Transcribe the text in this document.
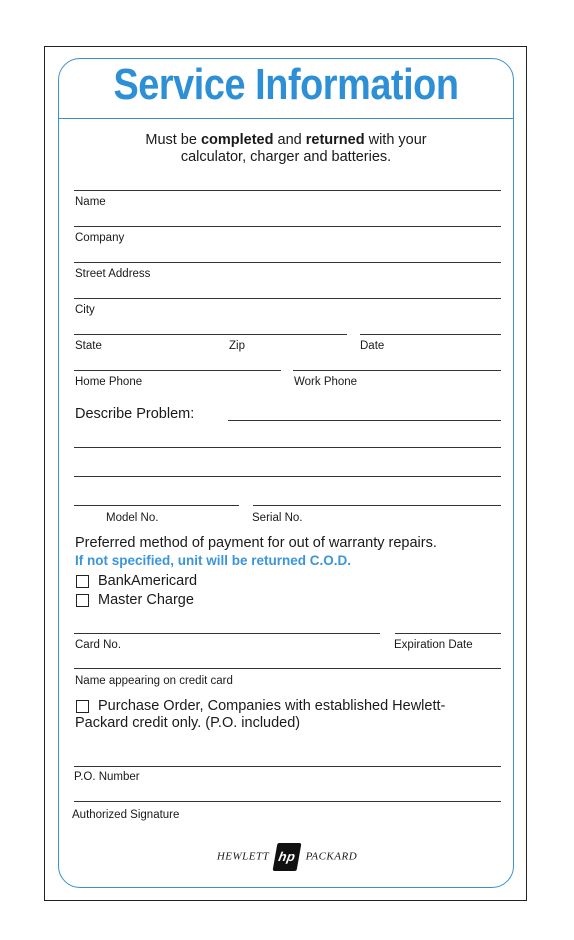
Service Information
Must be completed and returned with your
calculator, charger and batteries.
Name
Company
Street Address
City
State	Zip	Date
Home Phone	Work Phone
Describe Problem:
Model No.	Serial No.
Preferred method of payment for out of warranty repairs.
If not specified, unit will be returned C.O.D.
BankAmericard
Master Charge
Card No.	Expiration Date
Name appearing on credit card
Purchase Order, Companies with established Hewlett-
Packard credit only. (P.O. included)
P.O. Number
Authorized Signature
HEWLETT hp PACKARD
